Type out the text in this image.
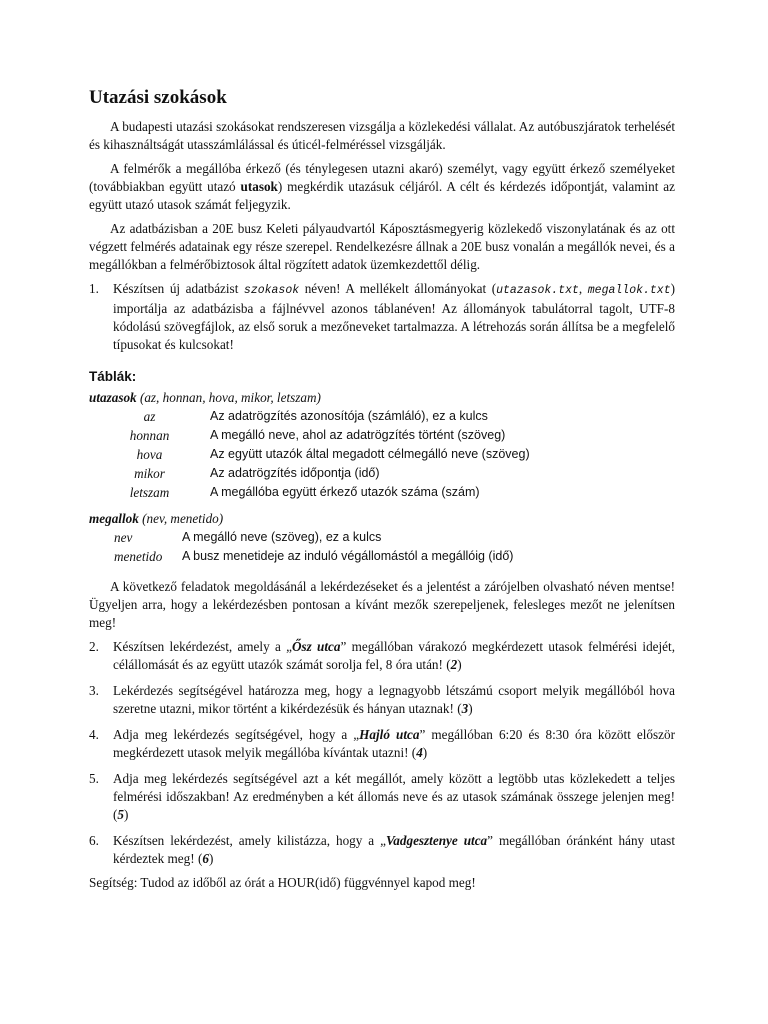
Utazási szokások

A budapesti utazási szokásokat rendszeresen vizsgálja a közlekedési vállalat. Az autóbuszjáratok terhelését és kihasználtságát utasszámlálással és úticél-felméréssel vizsgálják.

A felmérők a megállóba érkező (és ténylegesen utazni akaró) személyt, vagy együtt érkező személyeket (továbbiakban együtt utazó utasok) megkérdik utazásuk céljáról. A célt és kérdezés időpontját, valamint az együtt utazó utasok számát feljegyzik.

Az adatbázisban a 20E busz Keleti pályaudvartól Káposztásmegyerig közlekedő viszonylatának és az ott végzett felmérés adatainak egy része szerepel. Rendelkezésre állnak a 20E busz vonalán a megállók nevei, és a megállókban a felmérőbiztosok által rögzített adatok üzemkezdettől délig.

1. Készítsen új adatbázist szokasok néven! A mellékelt állományokat (utazasok.txt, megallok.txt) importálja az adatbázisba a fájlnévvel azonos táblanéven! Az állományok tabulátorral tagolt, UTF-8 kódolású szövegfájlok, az első soruk a mezőneveket tartalmazza. A létrehozás során állítsa be a megfelelő típusokat és kulcsokat!
Táblák:
utazasok (az, honnan, hova, mikor, letszam)
az	Az adatrögzítés azonosítója (számláló), ez a kulcs
honnan	A megálló neve, ahol az adatrögzítés történt (szöveg)
hova	Az együtt utazók által megadott célmegálló neve (szöveg)
mikor	Az adatrögzítés időpontja (idő)
letszam	A megállóba együtt érkező utazók száma (szám)
megallok (nev, menetido)
nev	A megálló neve (szöveg), ez a kulcs
menetido	A busz menetideje az induló végállomástól a megállóig (idő)

A következő feladatok megoldásánál a lekérdezéseket és a jelentést a zárójelben olvasható néven mentse! Ügyeljen arra, hogy a lekérdezésben pontosan a kívánt mezők szerepeljenek, felesleges mezőt ne jelenítsen meg!

2. Készítsen lekérdezést, amely a „Ősz utca” megállóban várakozó megkérdezett utasok felmérési idejét, célállomását és az együtt utazók számát sorolja fel, 8 óra után! (2)
3. Lekérdezés segítségével határozza meg, hogy a legnagyobb létszámú csoport melyik megállóból hova szeretne utazni, mikor történt a kikérdezésük és hányan utaznak! (3)
4. Adja meg lekérdezés segítségével, hogy a „Hajló utca” megállóban 6:20 és 8:30 óra között először megkérdezett utasok melyik megállóba kívántak utazni! (4)
5. Adja meg lekérdezés segítségével azt a két megállót, amely között a legtöbb utas közlekedett a teljes felmérési időszakban! Az eredményben a két állomás neve és az utasok számának összege jelenjen meg! (5)
6. Készítsen lekérdezést, amely kilistázza, hogy a „Vadgesztenye utca” megállóban óránként hány utast kérdeztek meg! (6)
Segítség: Tudod az időből az órát a HOUR(idő) függvénnyel kapod meg!
